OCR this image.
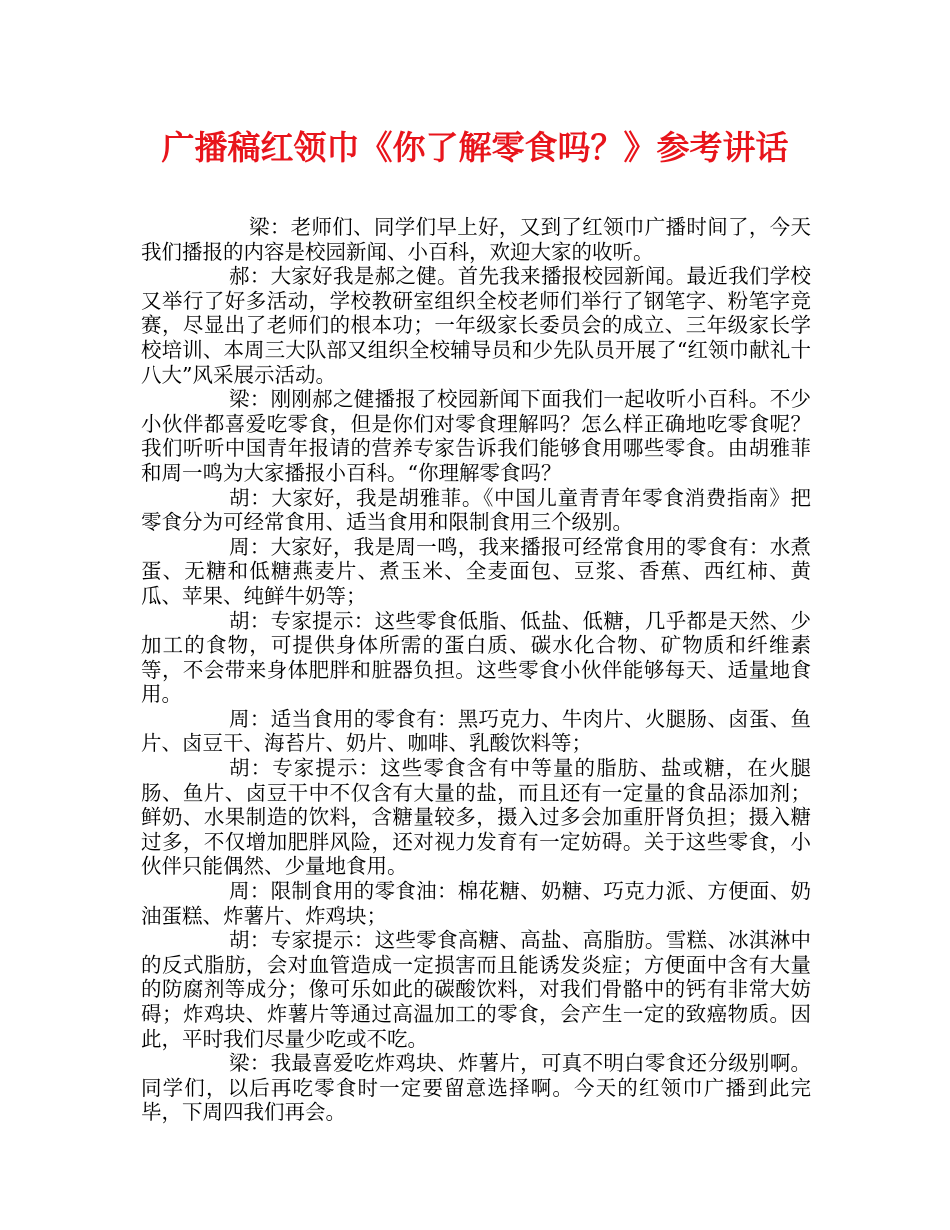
广播稿红领巾《你了解零食吗？》参考讲话

梁：老师们、同学们早上好，又到了红领巾广播时间了，今天我们播报的内容是校园新闻、小百科，欢迎大家的收听。

郝：大家好我是郝之健。首先我来播报校园新闻。最近我们学校又举行了好多活动，学校教研室组织全校老师们举行了钢笔字、粉笔字竞赛，尽显出了老师们的根本功；一年级家长委员会的成立、三年级家长学校培训、本周三大队部又组织全校辅导员和少先队员开展了“红领巾献礼十八大”风采展示活动。

梁：刚刚郝之健播报了校园新闻下面我们一起收听小百科。不少小伙伴都喜爱吃零食，但是你们对零食理解吗？怎么样正确地吃零食呢？我们听听中国青年报请的营养专家告诉我们能够食用哪些零食。由胡雅菲和周一鸣为大家播报小百科。“你理解零食吗？

胡：大家好，我是胡雅菲。《中国儿童青青年零食消费指南》把零食分为可经常食用、适当食用和限制食用三个级别。

周：大家好，我是周一鸣，我来播报可经常食用的零食有：水煮蛋、无糖和低糖燕麦片、煮玉米、全麦面包、豆浆、香蕉、西红柿、黄瓜、苹果、纯鲜牛奶等；

胡：专家提示：这些零食低脂、低盐、低糖，几乎都是天然、少加工的食物，可提供身体所需的蛋白质、碳水化合物、矿物质和纤维素等，不会带来身体肥胖和脏器负担。这些零食小伙伴能够每天、适量地食用。

周：适当食用的零食有：黑巧克力、牛肉片、火腿肠、卤蛋、鱼片、卤豆干、海苔片、奶片、咖啡、乳酸饮料等；

胡：专家提示：这些零食含有中等量的脂肪、盐或糖，在火腿肠、鱼片、卤豆干中不仅含有大量的盐，而且还有一定量的食品添加剂；鲜奶、水果制造的饮料，含糖量较多，摄入过多会加重肝肾负担；摄入糖过多，不仅增加肥胖风险，还对视力发育有一定妨碍。关于这些零食，小伙伴只能偶然、少量地食用。

周：限制食用的零食油：棉花糖、奶糖、巧克力派、方便面、奶油蛋糕、炸薯片、炸鸡块；

胡：专家提示：这些零食高糖、高盐、高脂肪。雪糕、冰淇淋中的反式脂肪，会对血管造成一定损害而且能诱发炎症；方便面中含有大量的防腐剂等成分；像可乐如此的碳酸饮料，对我们骨骼中的钙有非常大妨碍；炸鸡块、炸薯片等通过高温加工的零食，会产生一定的致癌物质。因此，平时我们尽量少吃或不吃。

梁：我最喜爱吃炸鸡块、炸薯片，可真不明白零食还分级别啊。同学们，以后再吃零食时一定要留意选择啊。今天的红领巾广播到此完毕，下周四我们再会。
